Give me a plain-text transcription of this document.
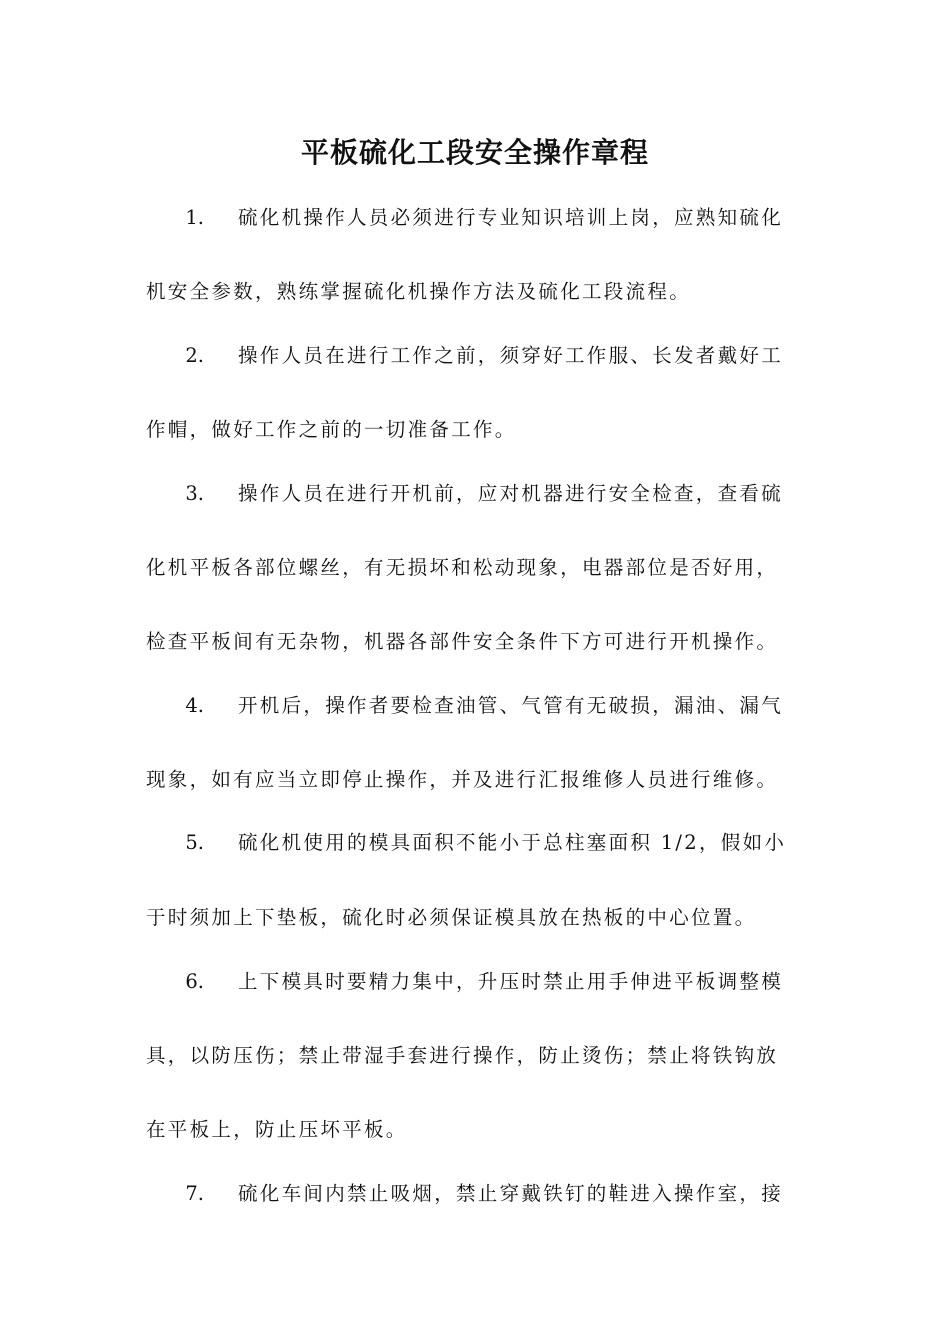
平板硫化工段安全操作章程
1. 硫化机操作人员必须进行专业知识培训上岗，应熟知硫化
机安全参数，熟练掌握硫化机操作方法及硫化工段流程。
2. 操作人员在进行工作之前，须穿好工作服、长发者戴好工
作帽，做好工作之前的一切准备工作。
3. 操作人员在进行开机前，应对机器进行安全检查，查看硫
化机平板各部位螺丝，有无损坏和松动现象，电器部位是否好用，
检查平板间有无杂物，机器各部件安全条件下方可进行开机操作。
4. 开机后，操作者要检查油管、气管有无破损，漏油、漏气
现象，如有应当立即停止操作，并及进行汇报维修人员进行维修。
5. 硫化机使用的模具面积不能小于总柱塞面积 1/2，假如小
于时须加上下垫板，硫化时必须保证模具放在热板的中心位置。
6. 上下模具时要精力集中，升压时禁止用手伸进平板调整模
具，以防压伤；禁止带湿手套进行操作，防止烫伤；禁止将铁钩放
在平板上，防止压坏平板。
7. 硫化车间内禁止吸烟，禁止穿戴铁钉的鞋进入操作室，接
